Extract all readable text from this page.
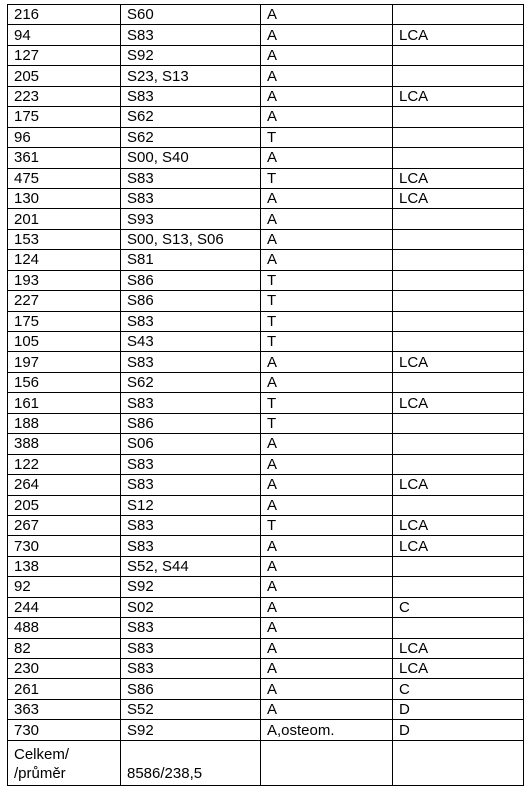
216	S60	A	
94	S83	A	LCA
127	S92	A	
205	S23, S13	A	
223	S83	A	LCA
175	S62	A	
96	S62	T	
361	S00, S40	A	
475	S83	T	LCA
130	S83	A	LCA
201	S93	A	
153	S00, S13, S06	A	
124	S81	A	
193	S86	T	
227	S86	T	
175	S83	T	
105	S43	T	
197	S83	A	LCA
156	S62	A	
161	S83	T	LCA
188	S86	T	
388	S06	A	
122	S83	A	
264	S83	A	LCA
205	S12	A	
267	S83	T	LCA
730	S83	A	LCA
138	S52, S44	A	
92	S92	A	
244	S02	A	C
488	S83	A	
82	S83	A	LCA
230	S83	A	LCA
261	S86	A	C
363	S52	A	D
730	S92	A,osteom.	D
Celkem/
/průměr	8586/238,5		
